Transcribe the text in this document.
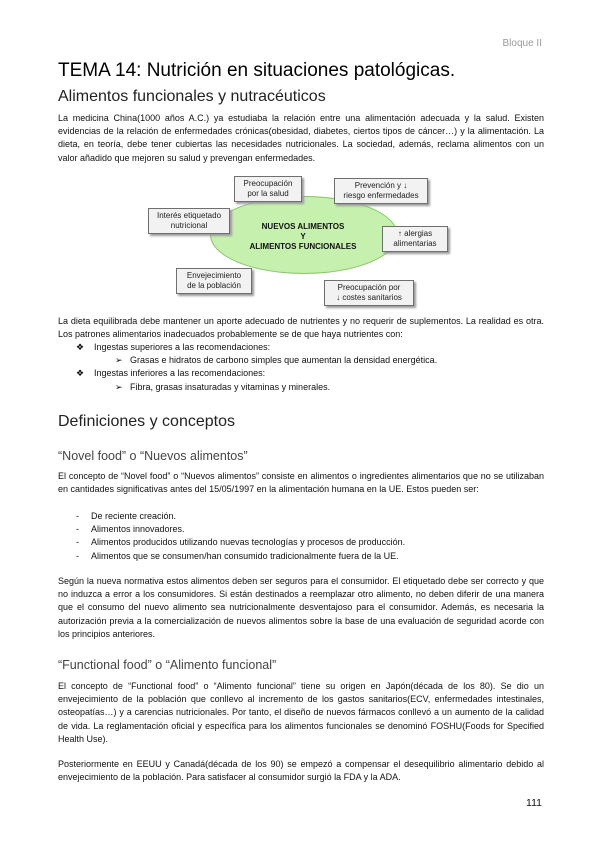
Bloque II
TEMA 14: Nutrición en situaciones patológicas.
Alimentos funcionales y nutracéuticos

La medicina China(1000 años A.C.) ya estudiaba la relación entre una alimentación adecuada y la salud. Existen evidencias de la relación de enfermedades crónicas(obesidad, diabetes, ciertos tipos de cáncer…) y la alimentación. La dieta, en teoría, debe tener cubiertas las necesidades nutricionales. La sociedad, además, reclama alimentos con un valor añadido que mejoren su salud y prevengan enfermedades.

NUEVOS ALIMENTOS
Y
ALIMENTOS FUNCIONALES
Preocupación
por la salud
Prevención y ↓
riesgo enfermedades
Interés etiquetado
nutricional
↑ alergias
alimentarias
Envejecimiento
de la población	Preocupación por
↓ costes sanitarios

La dieta equilibrada debe mantener un aporte adecuado de nutrientes y no requerir de suplementos. La realidad es otra. Los patrones alimentarios inadecuados probablemente se de que haya nutrientes con:

❖ Ingestas superiores a las recomendaciones:
➢ Grasas e hidratos de carbono simples que aumentan la densidad energética.
❖ Ingestas inferiores a las recomendaciones:
➢ Fibra, grasas insaturadas y vitaminas y minerales.
Definiciones y conceptos
“Novel food” o “Nuevos alimentos”

El concepto de “Novel food” o “Nuevos alimentos” consiste en alimentos o ingredientes alimentarios que no se utilizaban en cantidades significativas antes del 15/05/1997 en la alimentación humana en la UE. Estos pueden ser:

- De reciente creación.
- Alimentos innovadores.
- Alimentos producidos utilizando nuevas tecnologías y procesos de producción.
- Alimentos que se consumen/han consumido tradicionalmente fuera de la UE.

Según la nueva normativa estos alimentos deben ser seguros para el consumidor. El etiquetado debe ser correcto y que no induzca a error a los consumidores. Si están destinados a reemplazar otro alimento, no deben diferir de una manera que el consumo del nuevo alimento sea nutricionalmente desventajoso para el consumidor. Además, es necesaria la autorización previa a la comercialización de nuevos alimentos sobre la base de una evaluación de seguridad acorde con los principios anteriores.

“Functional food” o “Alimento funcional”

El concepto de “Functional food” o “Alimento funcional” tiene su origen en Japón(década de los 80). Se dio un envejecimiento de la población que conllevo al incremento de los gastos sanitarios(ECV, enfermedades intestinales, osteopatías…) y a carencias nutricionales. Por tanto, el diseño de nuevos fármacos conllevó a un aumento de la calidad de vida. La reglamentación oficial y específica para los alimentos funcionales se denominó FOSHU(Foods for Specified Health Use).

Posteriormente en EEUU y Canadá(década de los 90) se empezó a compensar el desequilibrio alimentario debido al envejecimiento de la población. Para satisfacer al consumidor surgió la FDA y la ADA.

111
